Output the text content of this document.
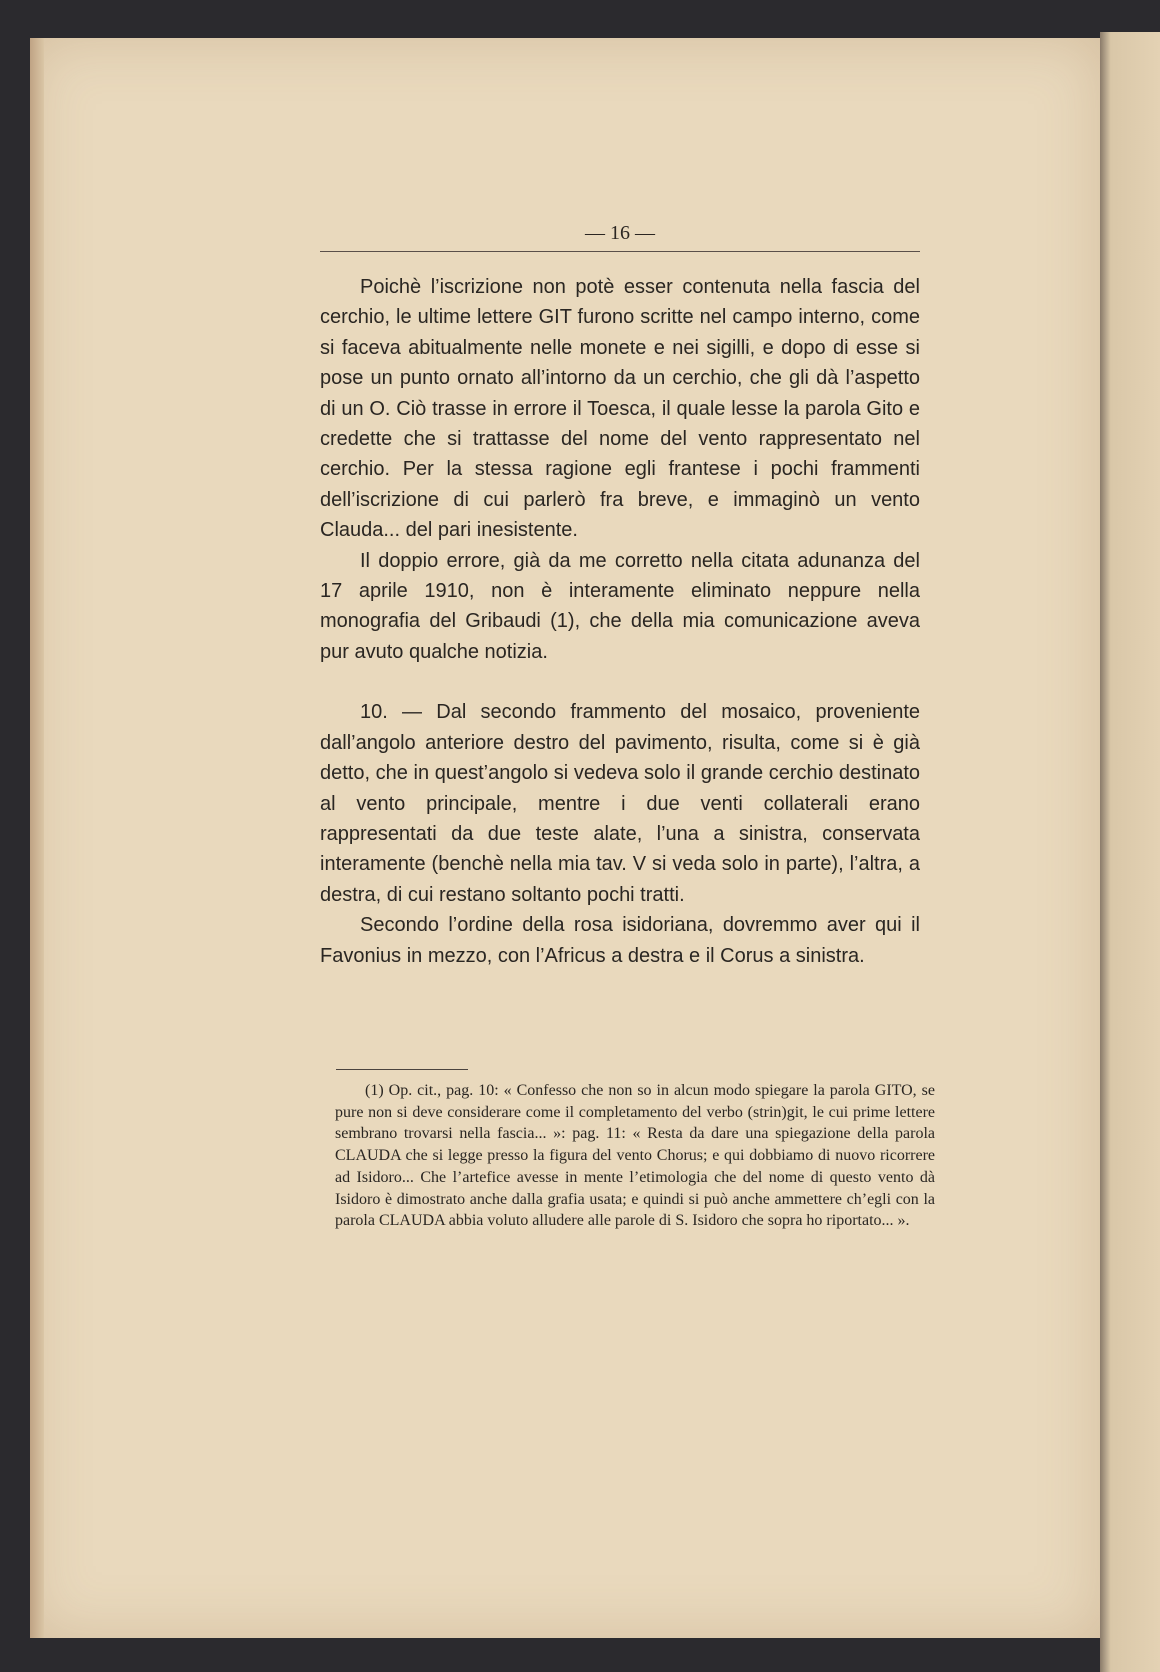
— 16 —

Poichè l’iscrizione non potè esser contenuta nella fascia del cerchio, le ultime lettere GIT furono scritte nel campo interno, come si faceva abitualmente nelle monete e nei sigilli, e dopo di esse si pose un punto ornato all’intorno da un cerchio, che gli dà l’aspetto di un O. Ciò trasse in errore il Toesca, il quale lesse la parola Gito e credette che si trattasse del nome del vento rappresentato nel cerchio. Per la stessa ragione egli frantese i pochi frammenti dell’iscrizione di cui parlerò fra breve, e immaginò un vento Clauda... del pari inesistente.

Il doppio errore, già da me corretto nella citata adunanza del 17 aprile 1910, non è interamente eliminato neppure nella monografia del Gribaudi (1), che della mia comunicazione aveva pur avuto qualche notizia.

10. — Dal secondo frammento del mosaico, proveniente dall’angolo anteriore destro del pavimento, risulta, come si è già detto, che in quest’angolo si vedeva solo il grande cerchio destinato al vento principale, mentre i due venti collaterali erano rappresentati da due teste alate, l’una a sinistra, conservata interamente (benchè nella mia tav. V si veda solo in parte), l’altra, a destra, di cui restano soltanto pochi tratti.

Secondo l’ordine della rosa isidoriana, dovremmo aver qui il Favonius in mezzo, con l’Africus a destra e il Corus a sinistra.

(1) Op. cit., pag. 10: « Confesso che non so in alcun modo spiegare la parola GITO, se pure non si deve considerare come il completamento del verbo (strin)git, le cui prime lettere sembrano trovarsi nella fascia... »: pag. 11: « Resta da dare una spiegazione della parola CLAUDA che si legge presso la figura del vento Chorus; e qui dobbiamo di nuovo ricorrere ad Isidoro... Che l’artefice avesse in mente l’etimologia che del nome di questo vento dà Isidoro è dimostrato anche dalla grafia usata; e quindi si può anche ammettere ch’egli con la parola CLAUDA abbia voluto alludere alle parole di S. Isidoro che sopra ho riportato... ».
